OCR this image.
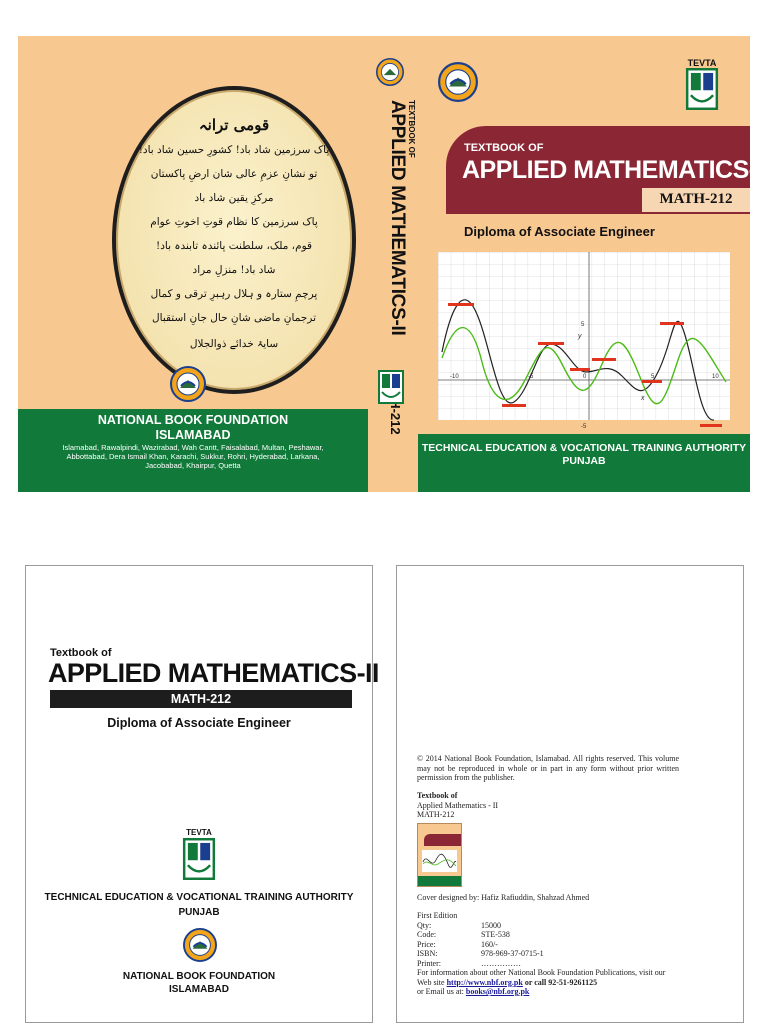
قومی ترانہ
پاک سرزمین شاد باد! کشورِ حسین شاد باد!
تو نشانِ عزمِ عالی شان ارضِ پاکستان
مرکزِ یقین شاد باد
پاک سرزمین کا نظام قوتِ اخوتِ عوام
قوم، ملک، سلطنت پائندہ تابندہ باد!
شاد باد! منزلِ مراد
پرچمِ ستارہ و ہلال رہبرِ ترقی و کمال
ترجمانِ ماضی شانِ حال جانِ استقبال
سایۂ خدائے ذوالجلال
NATIONAL BOOK FOUNDATION
ISLAMABAD
Islamabad, Rawalpindi, Wazirabad, Wah Cantt, Faisalabad, Multan, Peshawar, Abbottabad, Dera Ismail Khan, Karachi, Sukkur, Rohri, Hyderabad, Larkana, Jacobabad, Khairpur, Quetta
TEXTBOOK OF
APPLIED MATHEMATICS-II
TEVTA
TEXTBOOK OF
APPLIED MATHEMATICS-II
MATH-212
Diploma of Associate Engineer
-10	-5	0	5	10
5
-5
y
x
TECHNICAL EDUCATION & VOCATIONAL TRAINING AUTHORITY
PUNJAB
Textbook of
APPLIED MATHEMATICS-II
MATH-212
Diploma of Associate Engineer
TEVTA
TECHNICAL EDUCATION & VOCATIONAL TRAINING AUTHORITY
PUNJAB
NATIONAL BOOK FOUNDATION
ISLAMABAD
© 2014 National Book Foundation, Islamabad. All rights reserved. This volume may not be reproduced in whole or in part in any form without prior written permission from the publisher.
Textbook of
Applied Mathematics - II
MATH-212
Cover designed by: Hafiz Rafiuddin, Shahzad Ahmed
First Edition
Qty:	15000
Code:	STE-538
Price:	160/-
ISBN:	978-969-37-0715-1
Printer:	……………
For information about other National Book Foundation Publications, visit our
Web site http://www.nbf.org.pk or call 92-51-9261125
or Email us at: books@nbf.org.pk
